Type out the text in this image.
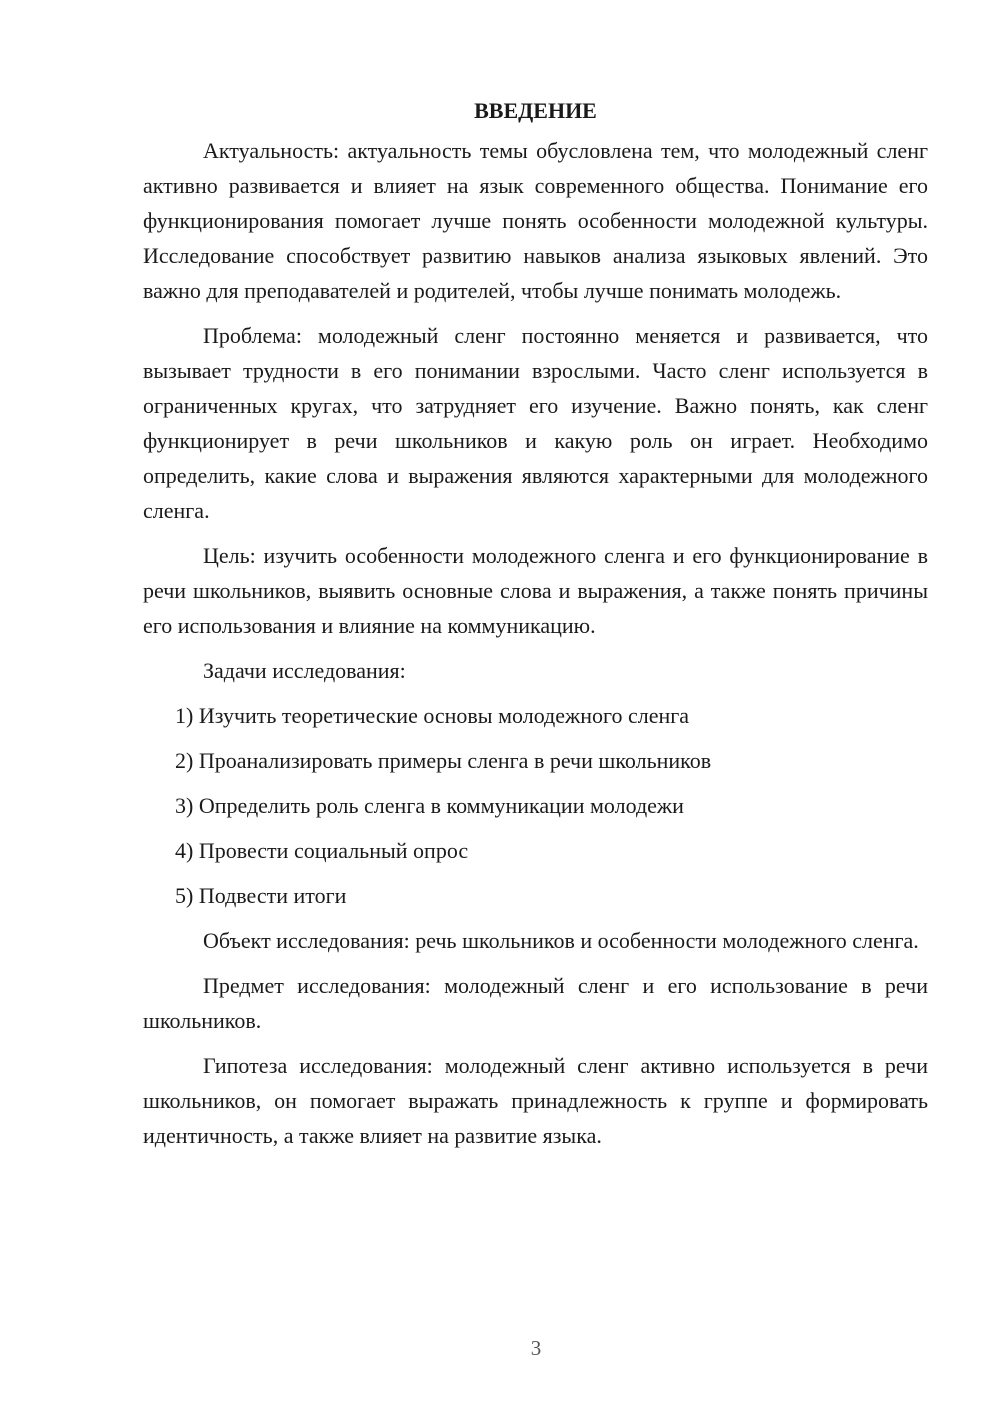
ВВЕДЕНИЕ

Актуальность: актуальность темы обусловлена тем, что молодежный сленг активно развивается и влияет на язык современного общества. Понимание его функционирования помогает лучше понять особенности молодежной культуры. Исследование способствует развитию навыков анализа языковых явлений. Это важно для преподавателей и родителей, чтобы лучше понимать молодежь.

Проблема: молодежный сленг постоянно меняется и развивается, что вызывает трудности в его понимании взрослыми. Часто сленг используется в ограниченных кругах, что затрудняет его изучение. Важно понять, как сленг функционирует в речи школьников и какую роль он играет. Необходимо определить, какие слова и выражения являются характерными для молодежного сленга.

Цель: изучить особенности молодежного сленга и его функционирование в речи школьников, выявить основные слова и выражения, а также понять причины его использования и влияние на коммуникацию.

Задачи исследования:

1) Изучить теоретические основы молодежного сленга
2) Проанализировать примеры сленга в речи школьников
3) Определить роль сленга в коммуникации молодежи
4) Провести социальный опрос
5) Подвести итоги

Объект исследования: речь школьников и особенности молодежного сленга.

Предмет исследования: молодежный сленг и его использование в речи школьников.

Гипотеза исследования: молодежный сленг активно используется в речи школьников, он помогает выражать принадлежность к группе и формировать идентичность, а также влияет на развитие языка.

3
